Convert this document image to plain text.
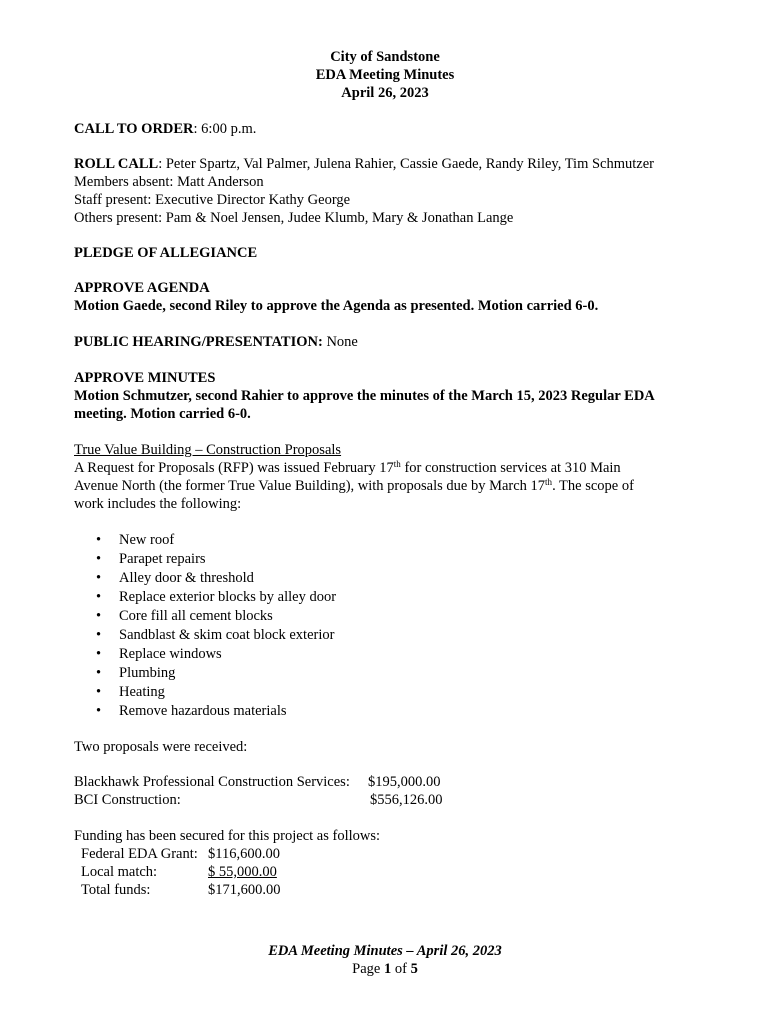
City of Sandstone
EDA Meeting Minutes
April 26, 2023
CALL TO ORDER: 6:00 p.m.
ROLL CALL: Peter Spartz, Val Palmer, Julena Rahier, Cassie Gaede, Randy Riley, Tim Schmutzer
Members absent: Matt Anderson
Staff present: Executive Director Kathy George
Others present: Pam & Noel Jensen, Judee Klumb, Mary & Jonathan Lange
PLEDGE OF ALLEGIANCE
APPROVE AGENDA
Motion Gaede, second Riley to approve the Agenda as presented. Motion carried 6-0.
PUBLIC HEARING/PRESENTATION: None
APPROVE MINUTES
Motion Schmutzer, second Rahier to approve the minutes of the March 15, 2023 Regular EDA
meeting. Motion carried 6-0.
True Value Building – Construction Proposals
A Request for Proposals (RFP) was issued February 17th for construction services at 310 Main
Avenue North (the former True Value Building), with proposals due by March 17th. The scope of
work includes the following:
• New roof
• Parapet repairs
• Alley door & threshold
• Replace exterior blocks by alley door
• Core fill all cement blocks
• Sandblast & skim coat block exterior
• Replace windows
• Plumbing
• Heating
• Remove hazardous materials
Two proposals were received:
Blackhawk Professional Construction Services: $195,000.00
BCI Construction:	$556,126.00
Funding has been secured for this project as follows:
Federal EDA Grant: $116,600.00
Local match:	$ 55,000.00
Total funds:	$171,600.00
EDA Meeting Minutes – April 26, 2023
Page 1 of 5
